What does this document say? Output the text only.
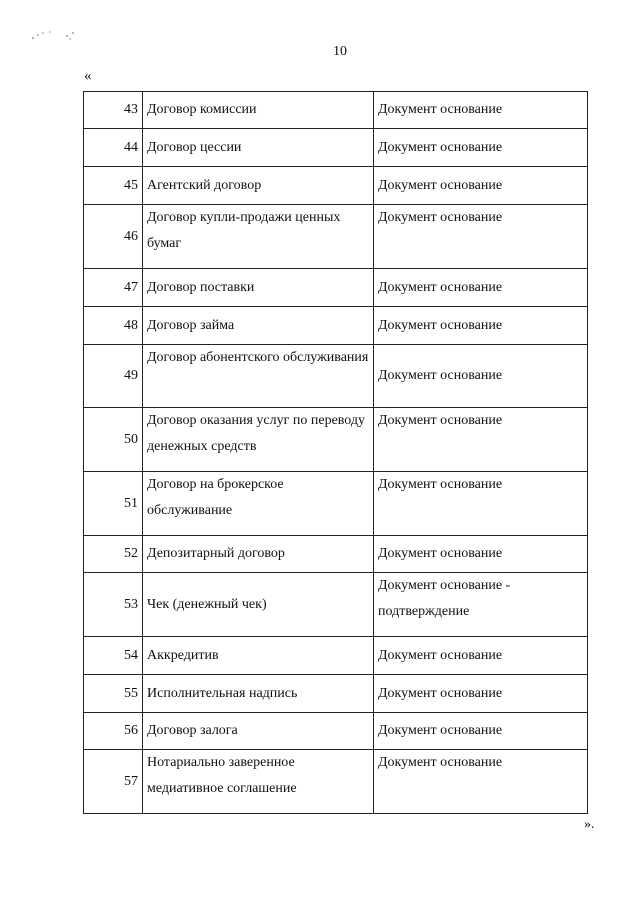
10
«
43	Договор комиссии	Документ основание
44	Договор цессии	Документ основание
45	Агентский договор	Документ основание
46	Договор купли-продажи ценных бумаг	Документ основание
47	Договор поставки	Документ основание
48	Договор займа	Документ основание
49	Договор абонентского обслуживания	Документ основание
50	Договор оказания услуг по переводу денежных средств	Документ основание
51	Договор на брокерское обслуживание	Документ основание
52	Депозитарный договор	Документ основание
53	Чек (денежный чек)	Документ основание - подтверждение
54	Аккредитив	Документ основание
55	Исполнительная надпись	Документ основание
56	Договор залога	Документ основание
57	Нотариально заверенное медиативное соглашение	Документ основание
».
